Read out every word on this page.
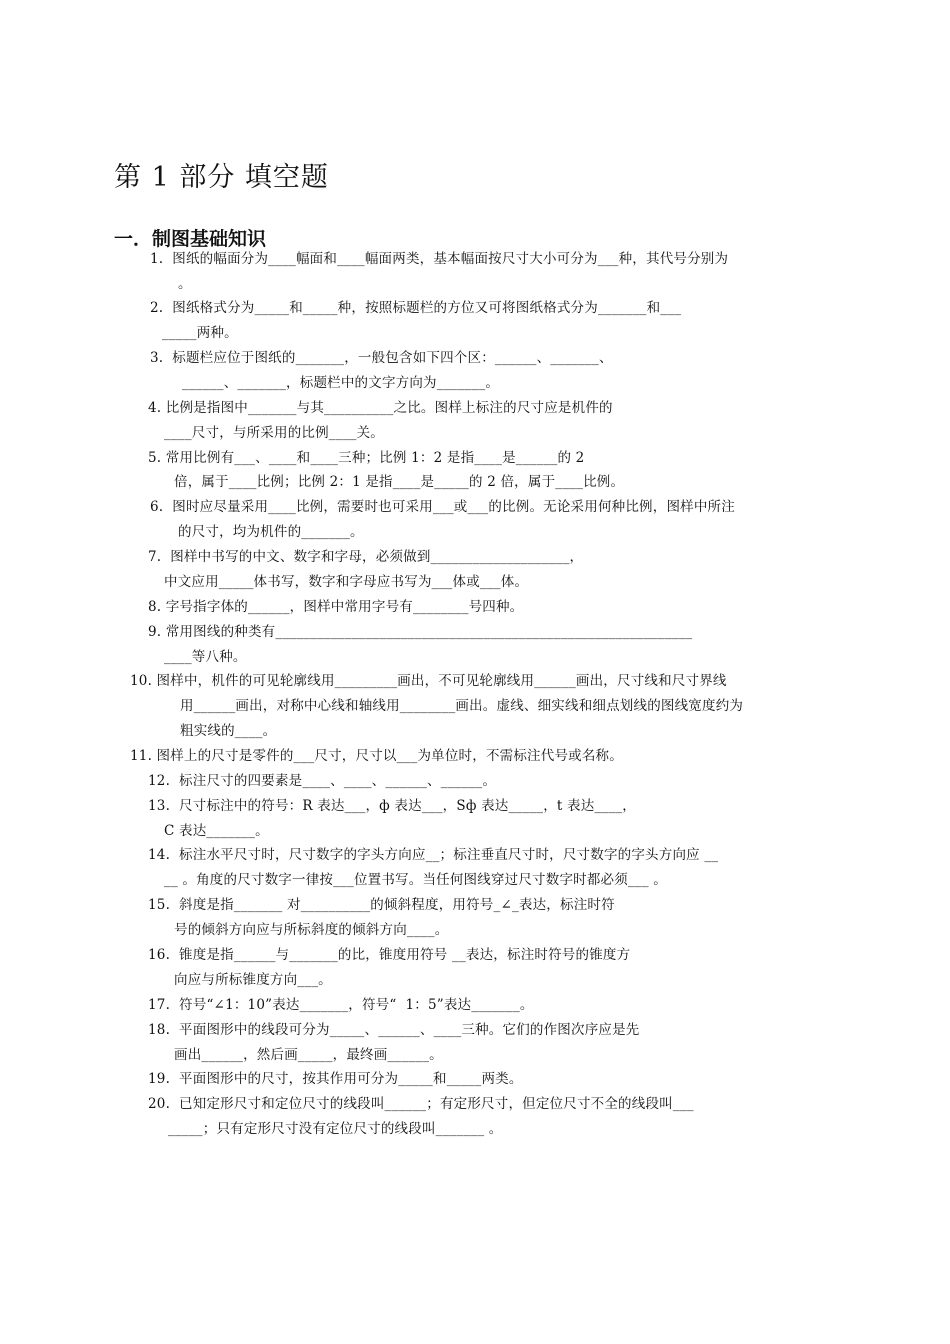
第 1 部分 填空题
一．制图基础知识
1.  图纸的幅面分为____幅面和____幅面两类，基本幅面按尺寸大小可分为___种，其代号分别为
。
2.  图纸格式分为_____和_____种，按照标题栏的方位又可将图纸格式分为_______和___
_____两种。
3.  标题栏应位于图纸的_______，一般包含如下四个区：______、_______、
______、_______，标题栏中的文字方向为_______。
4. 比例是指图中_______与其__________之比。图样上标注的尺寸应是机件的
____尺寸，与所采用的比例____关。
5. 常用比例有___、____和____三种；比例 1：2 是指____是______的 2
倍，属于____比例；比例 2：1 是指____是_____的 2 倍，属于____比例。
6.  图时应尽量采用____比例，需要时也可采用___或___的比例。无论采用何种比例，图样中所注
的尺寸，均为机件的_______。
7.  图样中书写的中文、数字和字母，必须做到____________________，
中文应用_____体书写，数字和字母应书写为___体或___体。
8. 字号指字体的______，图样中常用字号有________号四种。
9. 常用图线的种类有____________________________________________________________
____等八种。
10. 图样中，机件的可见轮廓线用_________画出，不可见轮廓线用______画出，尺寸线和尺寸界线
用______画出，对称中心线和轴线用________画出。虚线、细实线和细点划线的图线宽度约为
粗实线的____。
11. 图样上的尺寸是零件的___尺寸，尺寸以___为单位时，不需标注代号或名称。
12.  标注尺寸的四要素是____、____、______、______。
13.  尺寸标注中的符号：R 表达___，ф 表达___，Sф 表达_____，t 表达____，
C 表达_______。
14.  标注水平尺寸时，尺寸数字的字头方向应__；标注垂直尺寸时，尺寸数字的字头方向应 __
__ 。角度的尺寸数字一律按___位置书写。当任何图线穿过尺寸数字时都必须___ 。
15.  斜度是指_______ 对__________的倾斜程度，用符号_∠_表达，标注时符
号的倾斜方向应与所标斜度的倾斜方向____。
16.  锥度是指______与_______的比，锥度用符号 __表达，标注时符号的锥度方
向应与所标锥度方向___。
17.  符号“∠1：10”表达_______，符号“  1：5”表达_______。
18.  平面图形中的线段可分为_____、______、____三种。它们的作图次序应是先
画出______，然后画_____，最终画______。
19.  平面图形中的尺寸，按其作用可分为_____和_____两类。
20.  已知定形尺寸和定位尺寸的线段叫______；有定形尺寸，但定位尺寸不全的线段叫___
_____；只有定形尺寸没有定位尺寸的线段叫_______ 。
